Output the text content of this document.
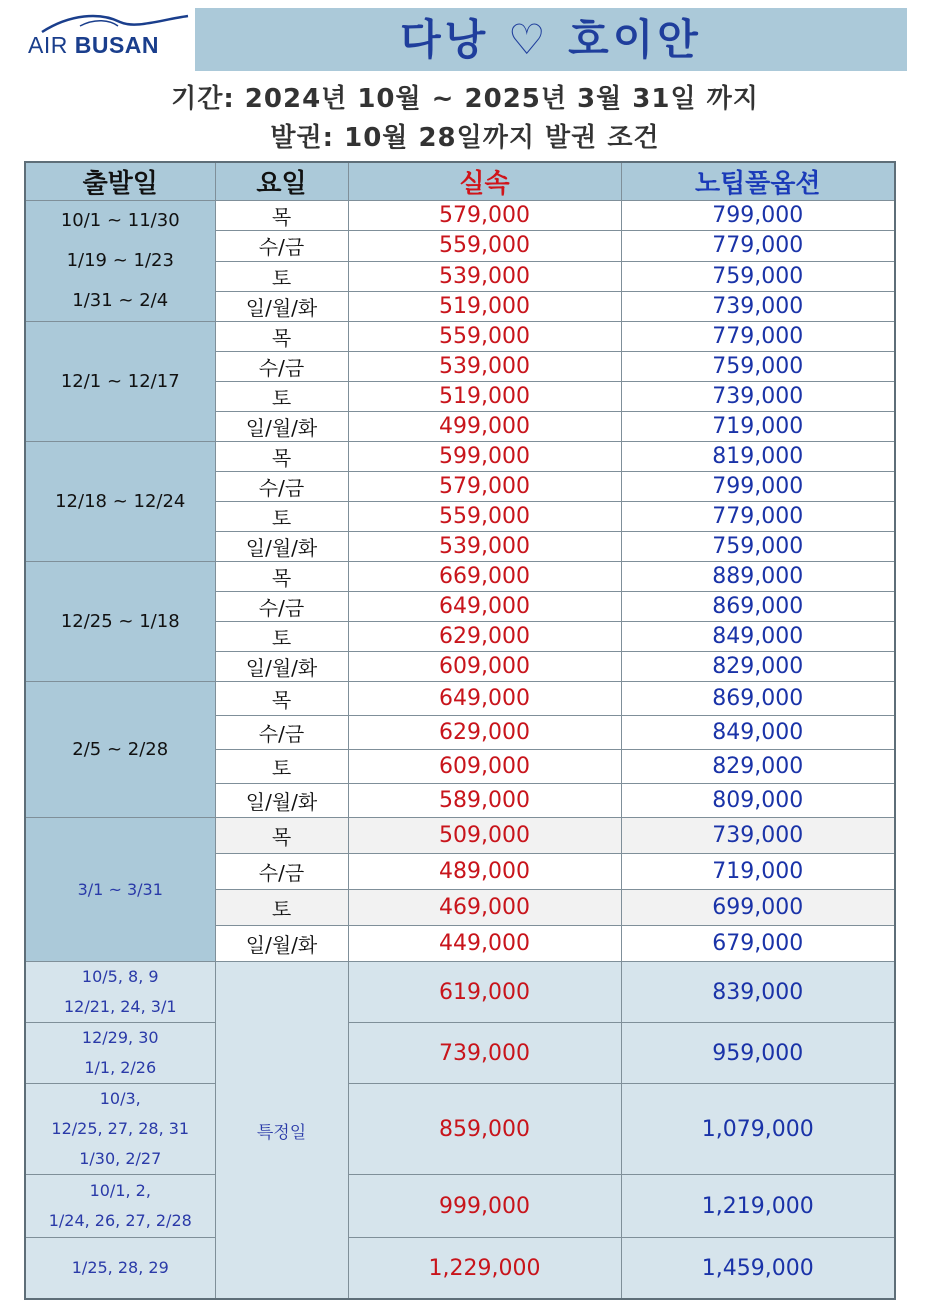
AIR BUSAN	다낭 ♡ 호이안
기간: 2024년 10월 ~ 2025년 3월 31일 까지
발권: 10월 28일까지 발권 조건
출발일	요일	실속	노팁풀옵션

10/1 ~ 11/30
1/19 ~ 1/23
1/31 ~ 2/4	목	579,000	799,000
	수/금	559,000	779,000
	토	539,000	759,000
	일/월/화	519,000	739,000

12/1 ~ 12/17	목	559,000	779,000
	수/금	539,000	759,000
	토	519,000	739,000
	일/월/화	499,000	719,000

12/18 ~ 12/24	목	599,000	819,000
	수/금	579,000	799,000
	토	559,000	779,000
	일/월/화	539,000	759,000

12/25 ~ 1/18	목	669,000	889,000
	수/금	649,000	869,000
	토	629,000	849,000
	일/월/화	609,000	829,000

2/5 ~ 2/28	목	649,000	869,000
	수/금	629,000	849,000
	토	609,000	829,000
	일/월/화	589,000	809,000

3/1 ~ 3/31	목	509,000	739,000
	수/금	489,000	719,000
	토	469,000	699,000
	일/월/화	449,000	679,000

10/5, 8, 9
12/21, 24, 3/1	특정일	619,000	839,000

12/29, 30
1/1, 2/26		739,000	959,000

10/3,
12/25, 27, 28, 31
1/30, 2/27		859,000	1,079,000

10/1, 2,
1/24, 26, 27, 2/28		999,000	1,219,000

1/25, 28, 29		1,229,000	1,459,000
